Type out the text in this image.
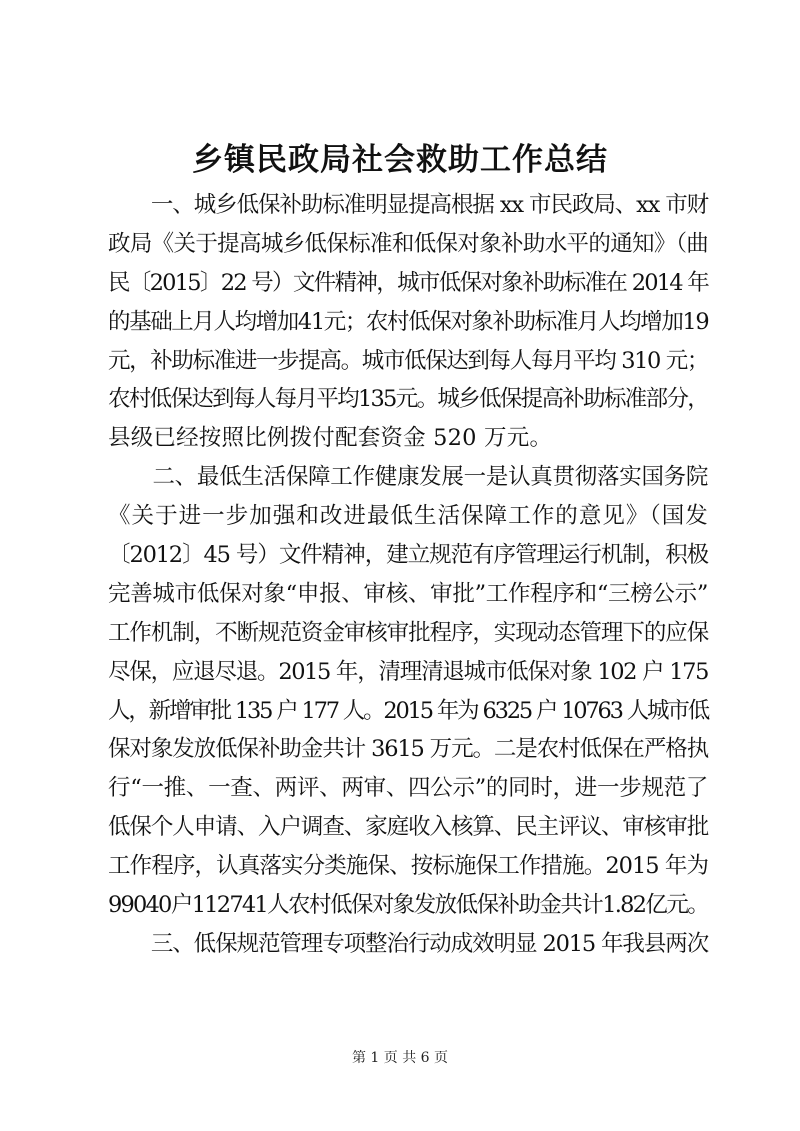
乡镇民政局社会救助工作总结
　　一、城乡低保补助标准明显提高根据 xx 市民政局、xx 市财
政局《关于提高城乡低保标准和低保对象补助水平的通知》（曲
民〔2015〕22 号）文件精神，城市低保对象补助标准在 2014 年
的基础上月人均增加41元；农村低保对象补助标准月人均增加19
元，补助标准进一步提高。城市低保达到每人每月平均 310 元；
农村低保达到每人每月平均135元。城乡低保提高补助标准部分，
县级已经按照比例拨付配套资金 520 万元。
　　二、最低生活保障工作健康发展一是认真贯彻落实国务院
《关于进一步加强和改进最低生活保障工作的意见》（国发
〔2012〕45 号）文件精神，建立规范有序管理运行机制，积极
完善城市低保对象“申报、审核、审批”工作程序和“三榜公示”
工作机制，不断规范资金审核审批程序，实现动态管理下的应保
尽保，应退尽退。2015 年，清理清退城市低保对象 102 户 175
人，新增审批 135 户 177 人。2015 年为 6325 户 10763 人城市低
保对象发放低保补助金共计 3615 万元。二是农村低保在严格执
行“一推、一查、两评、两审、四公示”的同时，进一步规范了
低保个人申请、入户调查、家庭收入核算、民主评议、审核审批
工作程序，认真落实分类施保、按标施保工作措施。2015 年为
99040户112741人农村低保对象发放低保补助金共计1.82亿元。
　　三、低保规范管理专项整治行动成效明显 2015 年我县两次
第 1 页 共 6 页
